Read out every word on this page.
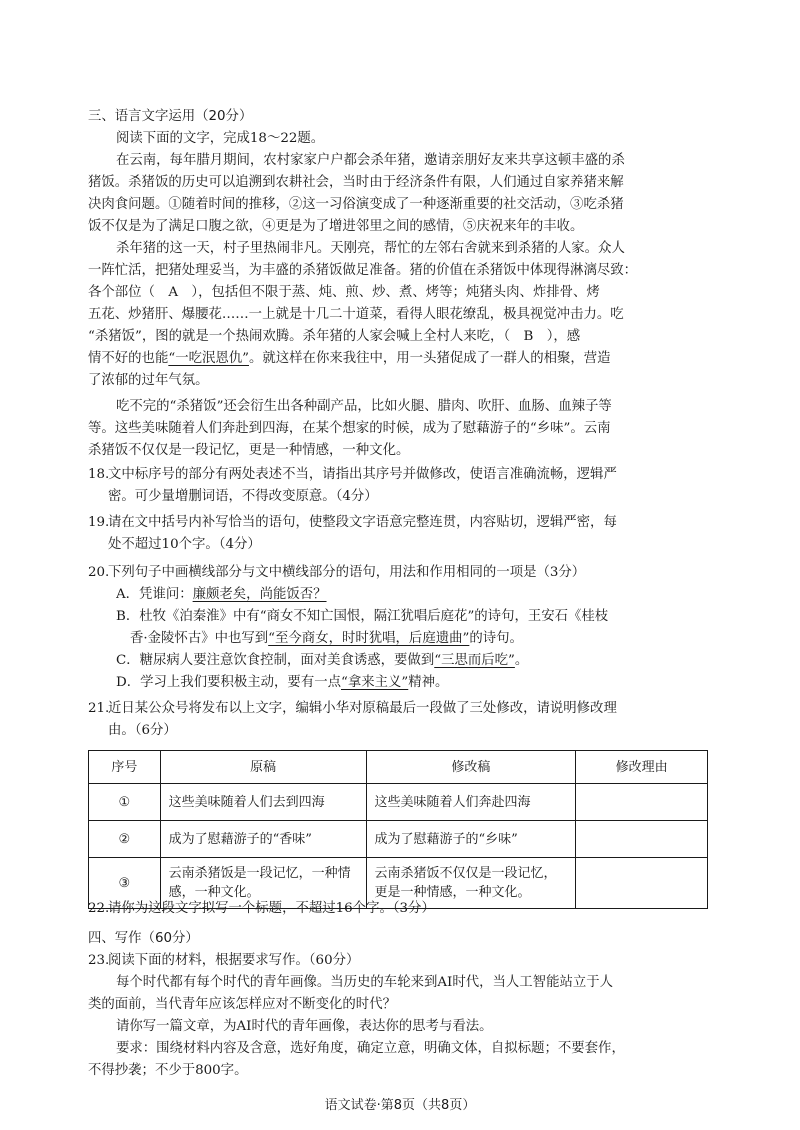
三、语言文字运用（20分）
阅读下面的文字，完成18～22题。
在云南，每年腊月期间，农村家家户户都会杀年猪，邀请亲朋好友来共享这顿丰盛的杀
猪饭。杀猪饭的历史可以追溯到农耕社会，当时由于经济条件有限，人们通过自家养猪来解
决肉食问题。①随着时间的推移，②这一习俗演变成了一种逐渐重要的社交活动，③吃杀猪
饭不仅是为了满足口腹之欲，④更是为了增进邻里之间的感情，⑤庆祝来年的丰收。
杀年猪的这一天，村子里热闹非凡。天刚亮，帮忙的左邻右舍就来到杀猪的人家。众人
一阵忙活，把猪处理妥当，为丰盛的杀猪饭做足准备。猪的价值在杀猪饭中体现得淋漓尽致：
各个部位（　A　），包括但不限于蒸、炖、煎、炒、煮、烤等；炖猪头肉、炸排骨、烤
五花、炒猪肝、爆腰花……一上就是十几二十道菜，看得人眼花缭乱，极具视觉冲击力。吃
“杀猪饭”，图的就是一个热闹欢腾。杀年猪的人家会喊上全村人来吃，（　B　），感
情不好的也能“一吃泯恩仇”。就这样在你来我往中，用一头猪促成了一群人的相聚，营造
了浓郁的过年气氛。
吃不完的“杀猪饭”还会衍生出各种副产品，比如火腿、腊肉、吹肝、血肠、血辣子等
等。这些美味随着人们奔赴到四海，在某个想家的时候，成为了慰藉游子的“乡味”。云南
杀猪饭不仅仅是一段记忆，更是一种情感，一种文化。
18.
文中标序号的部分有两处表述不当，请指出其序号并做修改，使语言准确流畅，逻辑严
密。可少量增删词语，不得改变原意。（4分）
19.
请在文中括号内补写恰当的语句，使整段文字语意完整连贯，内容贴切，逻辑严密，每
处不超过10个字。（4分）
20.
下列句子中画横线部分与文中横线部分的语句，用法和作用相同的一项是（3分）
A．凭谁问：廉颇老矣，尚能饭否？
B．杜牧《泊秦淮》中有“商女不知亡国恨，隔江犹唱后庭花”的诗句，王安石《桂枝
香·金陵怀古》中也写到“至今商女，时时犹唱，后庭遗曲”的诗句。
C．糖尿病人要注意饮食控制，面对美食诱惑，要做到“三思而后吃”。
D．学习上我们要积极主动，要有一点“拿来主义”精神。
21.
近日某公众号将发布以上文字，编辑小华对原稿最后一段做了三处修改，请说明修改理
由。（6分）
序号	原稿	修改稿	修改理由
①	这些美味随着人们去到四海	这些美味随着人们奔赴四海	
②	成为了慰藉游子的“香味”	成为了慰藉游子的“乡味”	
③	云南杀猪饭是一段记忆，一种情感，一种文化。	云南杀猪饭不仅仅是一段记忆，更是一种情感，一种文化。	
22.
请你为这段文字拟写一个标题，不超过16个字。（3分）
四、写作（60分）
23.
阅读下面的材料，根据要求写作。（60分）
每个时代都有每个时代的青年画像。当历史的车轮来到AI时代，当人工智能站立于人
类的面前，当代青年应该怎样应对不断变化的时代？
请你写一篇文章，为AI时代的青年画像，表达你的思考与看法。
要求：围绕材料内容及含意，选好角度，确定立意，明确文体，自拟标题；不要套作，
不得抄袭；不少于800字。
语文试卷·第8页（共8页）
